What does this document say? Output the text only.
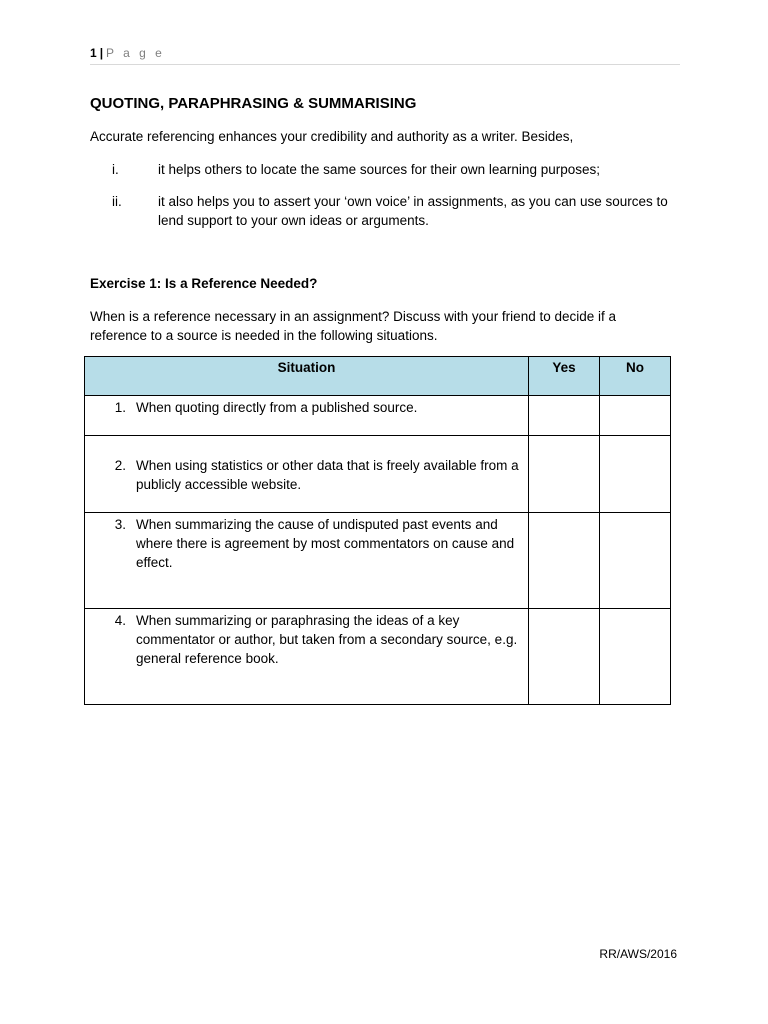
1 | P a g e
QUOTING, PARAPHRASING & SUMMARISING

Accurate referencing enhances your credibility and authority as a writer. Besides,

i.	it helps others to locate the same sources for their own learning purposes;
ii.	it also helps you to assert your ‘own voice’ in assignments, as you can use sources to lend support to your own ideas or arguments.
Exercise 1: Is a Reference Needed?

When is a reference necessary in an assignment? Discuss with your friend to decide if a reference to a source is needed in the following situations.

Situation	Yes	No

1. When quoting directly from a published source.		

2. When using statistics or other data that is freely available from a publicly accessible website.		

3. When summarizing the cause of undisputed past events and where there is agreement by most commentators on cause and effect.		

4. When summarizing or paraphrasing the ideas of a key commentator or author, but taken from a secondary source, e.g. general reference book.		

RR/AWS/2016
